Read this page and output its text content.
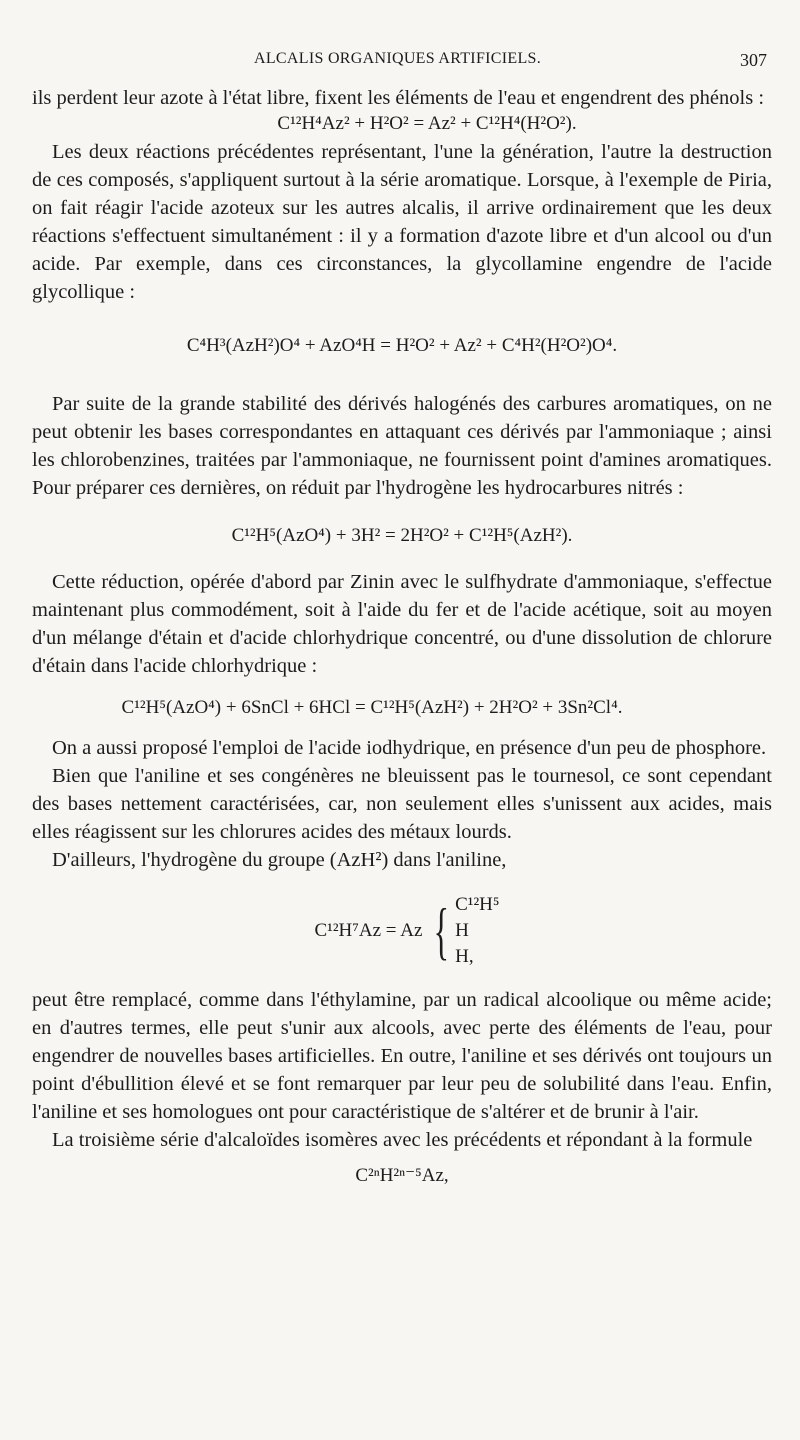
ALCALIS ORGANIQUES ARTIFICIELS.	307

ils perdent leur azote à l'état libre, fixent les éléments de l'eau et engendrent des phénols :

C¹²H⁴Az² + H²O² = Az² + C¹²H⁴(H²O²).

Les deux réactions précédentes représentant, l'une la génération, l'autre la destruction de ces composés, s'appliquent surtout à la série aromatique. Lorsque, à l'exemple de Piria, on fait réagir l'acide azoteux sur les autres alcalis, il arrive ordinairement que les deux réactions s'effectuent simultanément : il y a formation d'azote libre et d'un alcool ou d'un acide. Par exemple, dans ces circonstances, la glycollamine engendre de l'acide glycollique :

C⁴H³(AzH²)O⁴ + AzO⁴H = H²O² + Az² + C⁴H²(H²O²)O⁴.

Par suite de la grande stabilité des dérivés halogénés des carbures aromatiques, on ne peut obtenir les bases correspondantes en attaquant ces dérivés par l'ammoniaque ; ainsi les chlorobenzines, traitées par l'ammoniaque, ne fournissent point d'amines aromatiques. Pour préparer ces dernières, on réduit par l'hydrogène les hydrocarbures nitrés :

C¹²H⁵(AzO⁴) + 3H² = 2H²O² + C¹²H⁵(AzH²).

Cette réduction, opérée d'abord par Zinin avec le sulfhydrate d'ammoniaque, s'effectue maintenant plus commodément, soit à l'aide du fer et de l'acide acétique, soit au moyen d'un mélange d'étain et d'acide chlorhydrique concentré, ou d'une dissolution de chlorure d'étain dans l'acide chlorhydrique :

C¹²H⁵(AzO⁴) + 6SnCl + 6HCl = C¹²H⁵(AzH²) + 2H²O² + 3Sn²Cl⁴.

On a aussi proposé l'emploi de l'acide iodhydrique, en présence d'un peu de phosphore.

Bien que l'aniline et ses congénères ne bleuissent pas le tournesol, ce sont cependant des bases nettement caractérisées, car, non seulement elles s'unissent aux acides, mais elles réagissent sur les chlorures acides des métaux lourds.

D'ailleurs, l'hydrogène du groupe (AzH²) dans l'aniline,

C¹²H⁷Az = Az { C¹²H⁵
H
H,

peut être remplacé, comme dans l'éthylamine, par un radical alcoolique ou même acide; en d'autres termes, elle peut s'unir aux alcools, avec perte des éléments de l'eau, pour engendrer de nouvelles bases artificielles. En outre, l'aniline et ses dérivés ont toujours un point d'ébullition élevé et se font remarquer par leur peu de solubilité dans l'eau. Enfin, l'aniline et ses homologues ont pour caractéristique de s'altérer et de brunir à l'air.

La troisième série d'alcaloïdes isomères avec les précédents et répondant à la formule

C²ⁿH²ⁿ⁻⁵Az,
